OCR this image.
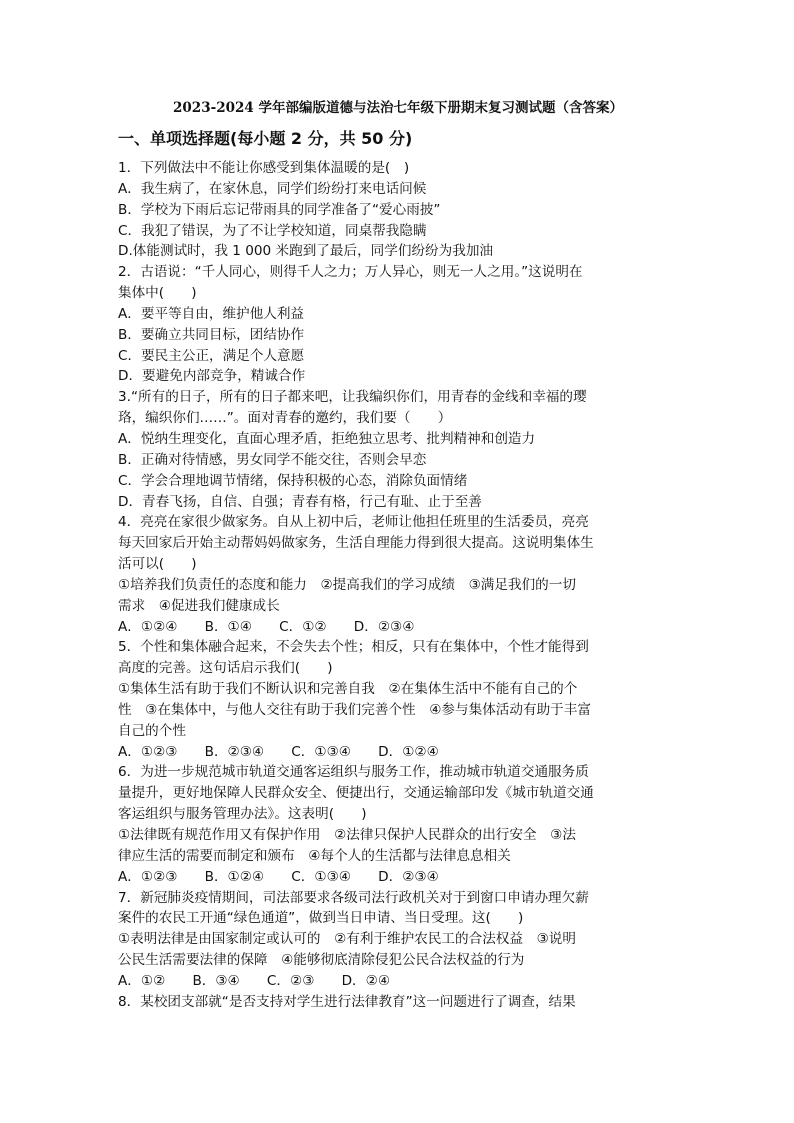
2023-2024 学年部编版道德与法治七年级下册期末复习测试题（含答案）
一、单项选择题(每小题 2 分，共 50 分)
1．下列做法中不能让你感受到集体温暖的是(　)
A．我生病了，在家休息，同学们纷纷打来电话问候
B．学校为下雨后忘记带雨具的同学准备了“爱心雨披”
C．我犯了错误，为了不让学校知道，同桌帮我隐瞒
D.体能测试时，我 1 000 米跑到了最后，同学们纷纷为我加油
2．古语说：“千人同心，则得千人之力；万人异心，则无一人之用。”这说明在
集体中(　　)
A．要平等自由，维护他人利益
B．要确立共同目标，团结协作
C．要民主公正，满足个人意愿
D．要避免内部竞争，精诚合作
3.“所有的日子，所有的日子都来吧，让我编织你们，用青春的金线和幸福的璎
珞，编织你们……”。面对青春的邀约，我们要（　　）
A．悦纳生理变化，直面心理矛盾，拒绝独立思考、批判精神和创造力
B．正确对待情感，男女同学不能交往，否则会早恋
C．学会合理地调节情绪，保持积极的心态，消除负面情绪
D．青春飞扬，自信、自强；青春有格，行己有耻、止于至善
4．亮亮在家很少做家务。自从上初中后，老师让他担任班里的生活委员，亮亮
每天回家后开始主动帮妈妈做家务，生活自理能力得到很大提高。这说明集体生
活可以(　　)
①培养我们负责任的态度和能力　②提高我们的学习成绩　③满足我们的一切
需求　④促进我们健康成长
A．①②④　　B．①④　　C．①②　　D．②③④
5．个性和集体融合起来，不会失去个性；相反，只有在集体中，个性才能得到
高度的完善。这句话启示我们(　　)
①集体生活有助于我们不断认识和完善自我　②在集体生活中不能有自己的个
性　③在集体中，与他人交往有助于我们完善个性　④参与集体活动有助于丰富
自己的个性
A．①②③　　B．②③④　　C．①③④　　D．①②④
6．为进一步规范城市轨道交通客运组织与服务工作，推动城市轨道交通服务质
量提升，更好地保障人民群众安全、便捷出行，交通运输部印发《城市轨道交通
客运组织与服务管理办法》。这表明(　　)
①法律既有规范作用又有保护作用　②法律只保护人民群众的出行安全　③法
律应生活的需要而制定和颁布　④每个人的生活都与法律息息相关
A．①②③　　B．①②④　　C．①③④　　D．②③④
7．新冠肺炎疫情期间，司法部要求各级司法行政机关对于到窗口申请办理欠薪
案件的农民工开通“绿色通道”，做到当日申请、当日受理。这(　　)
①表明法律是由国家制定或认可的　②有利于维护农民工的合法权益　③说明
公民生活需要法律的保障　④能够彻底清除侵犯公民合法权益的行为
A．①②　　B．③④　　C．②③　　D．②④
8．某校团支部就“是否支持对学生进行法律教育”这一问题进行了调查，结果
